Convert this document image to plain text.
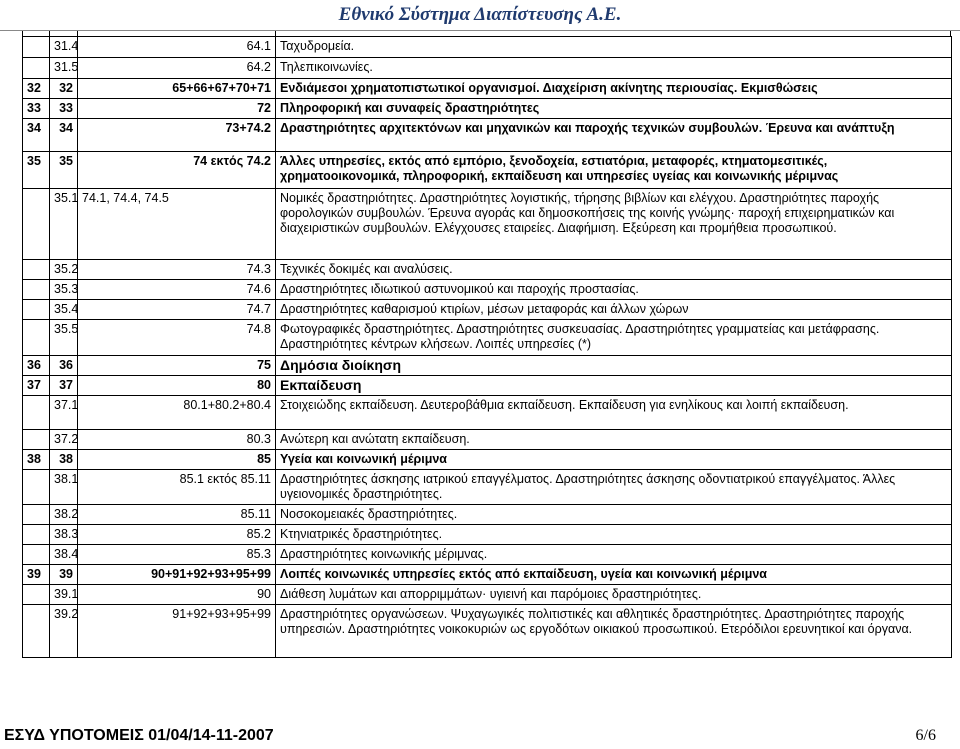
Εθνικό Σύστημα Διαπίστευσης Α.Ε.
	31.4	64.1	Ταχυδρομεία.
	31.5	64.2	Τηλεπικοινωνίες.
32	32	65+66+67+70+71	Ενδιάμεσοι χρηματοπιστωτικοί οργανισμοί. Διαχείριση ακίνητης περιουσίας. Εκμισθώσεις
33	33	72	Πληροφορική και συναφείς δραστηριότητες
34	34	73+74.2	Δραστηριότητες αρχιτεκτόνων και μηχανικών και παροχής τεχνικών συμβουλών. Έρευνα και ανάπτυξη
35	35	74 εκτός 74.2	Άλλες υπηρεσίες, εκτός από εμπόριο, ξενοδοχεία, εστιατόρια, μεταφορές, κτηματομεσιτικές, χρηματοοικονομικά, πληροφορική, εκπαίδευση και υπηρεσίες υγείας και κοινωνικής μέριμνας
	35.1	74.1, 74.4, 74.5	Νομικές δραστηριότητες. Δραστηριότητες λογιστικής, τήρησης βιβλίων και ελέγχου. Δραστηριότητες παροχής φορολογικών συμβουλών. Έρευνα αγοράς και δημοσκοπήσεις της κοινής γνώμης· παροχή επιχειρηματικών και διαχειριστικών συμβουλών. Ελέγχουσες εταιρείες. Διαφήμιση. Εξεύρεση και προμήθεια προσωπικού.
	35.2	74.3	Τεχνικές δοκιμές και αναλύσεις.
	35.3	74.6	Δραστηριότητες ιδιωτικού αστυνομικού και παροχής προστασίας.
	35.4	74.7	Δραστηριότητες καθαρισμού κτιρίων, μέσων μεταφοράς και άλλων χώρων
	35.5	74.8	Φωτογραφικές δραστηριότητες. Δραστηριότητες συσκευασίας. Δραστηριότητες γραμματείας και μετάφρασης. Δραστηριότητες κέντρων κλήσεων. Λοιπές υπηρεσίες (*)
36	36	75	Δημόσια διοίκηση
37	37	80	Εκπαίδευση
	37.1	80.1+80.2+80.4	Στοιχειώδης εκπαίδευση. Δευτεροβάθμια εκπαίδευση. Εκπαίδευση για ενηλίκους και λοιπή εκπαίδευση.
	37.2	80.3	Ανώτερη και ανώτατη εκπαίδευση.
38	38	85	Υγεία και κοινωνική μέριμνα
	38.1	85.1 εκτός 85.11	Δραστηριότητες άσκησης ιατρικού επαγγέλματος. Δραστηριότητες άσκησης οδοντιατρικού επαγγέλματος. Άλλες υγειονομικές δραστηριότητες.
	38.2	85.11	Νοσοκομειακές δραστηριότητες.
	38.3	85.2	Κτηνιατρικές δραστηριότητες.
	38.4	85.3	Δραστηριότητες κοινωνικής μέριμνας.
39	39	90+91+92+93+95+99	Λοιπές κοινωνικές υπηρεσίες εκτός από εκπαίδευση, υγεία και κοινωνική μέριμνα
	39.1	90	Διάθεση λυμάτων και απορριμμάτων· υγιεινή και παρόμοιες δραστηριότητες.
	39.2	91+92+93+95+99	Δραστηριότητες οργανώσεων. Ψυχαγωγικές πολιτιστικές και αθλητικές δραστηριότητες. Δραστηριότητες παροχής υπηρεσιών. Δραστηριότητες νοικοκυριών ως εργοδότων οικιακού προσωπικού. Ετερόδιλοι ερευνητικοί και όργανα.
ΕΣΥΔ ΥΠΟΤΟΜΕΙΣ 01/04/14-11-2007	6/6
